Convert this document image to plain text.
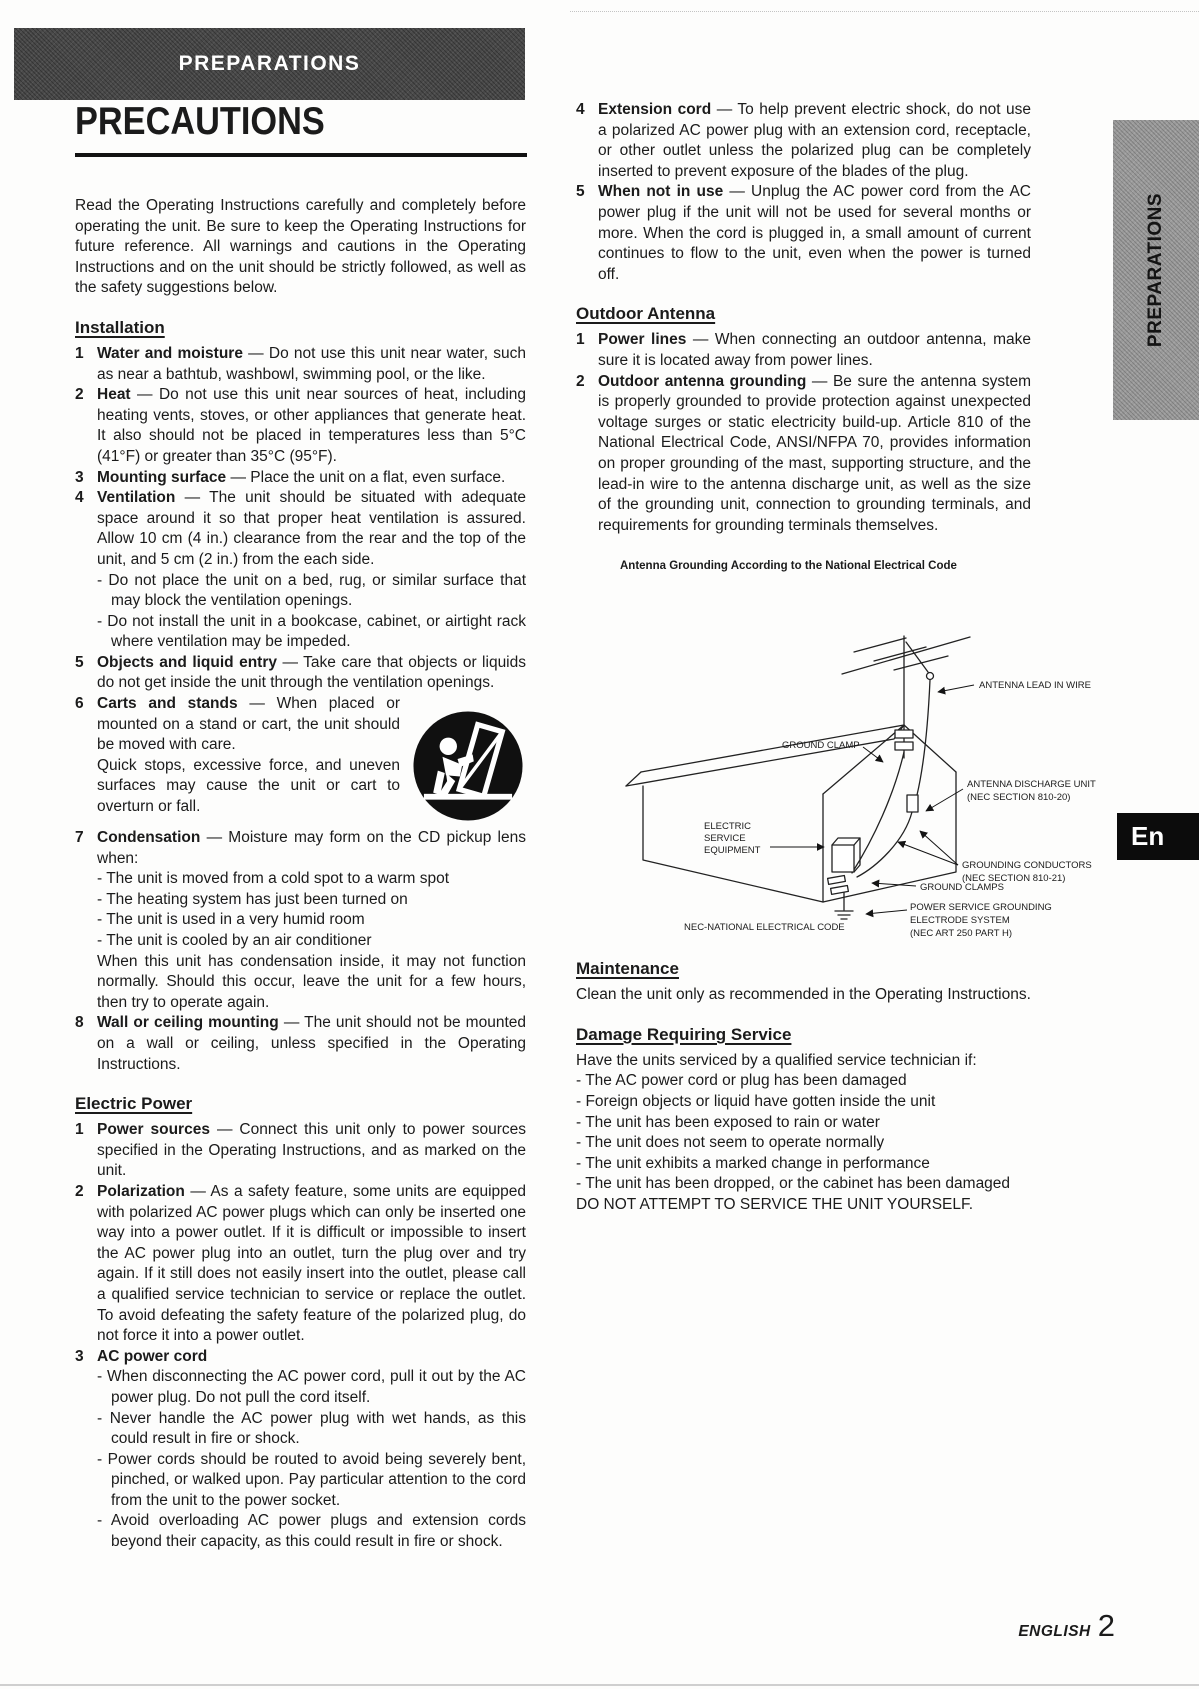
PREPARATIONS
PRECAUTIONS

Read the Operating Instructions carefully and completely before operating the unit. Be sure to keep the Operating Instructions for future reference. All warnings and cautions in the Operating Instructions and on the unit should be strictly followed, as well as the safety suggestions below.

Installation
1 Water and moisture — Do not use this unit near water, such as near a bathtub, washbowl, swimming pool, or the like.
2 Heat — Do not use this unit near sources of heat, including heating vents, stoves, or other appliances that generate heat. It also should not be placed in temperatures less than 5°C (41°F) or greater than 35°C (95°F).
3 Mounting surface — Place the unit on a flat, even surface.
4 Ventilation — The unit should be situated with adequate space around it so that proper heat ventilation is assured. Allow 10 cm (4 in.) clearance from the rear and the top of the unit, and 5 cm (2 in.) from the each side.
- Do not place the unit on a bed, rug, or similar surface that may block the ventilation openings.
- Do not install the unit in a bookcase, cabinet, or airtight rack where ventilation may be impeded.
5 Objects and liquid entry — Take care that objects or liquids do not get inside the unit through the ventilation openings.
6 Carts and stands — When placed or mounted on a stand or cart, the unit should be moved with care.
Quick stops, excessive force, and uneven surfaces may cause the unit or cart to overturn or fall.
7 Condensation — Moisture may form on the CD pickup lens when:
- The unit is moved from a cold spot to a warm spot
- The heating system has just been turned on
- The unit is used in a very humid room
- The unit is cooled by an air conditioner
When this unit has condensation inside, it may not function normally. Should this occur, leave the unit for a few hours, then try to operate again.
8 Wall or ceiling mounting — The unit should not be mounted on a wall or ceiling, unless specified in the Operating Instructions.
Electric Power
1 Power sources — Connect this unit only to power sources specified in the Operating Instructions, and as marked on the unit.
2 Polarization — As a safety feature, some units are equipped with polarized AC power plugs which can only be inserted one way into a power outlet. If it is difficult or impossible to insert the AC power plug into an outlet, turn the plug over and try again. If it still does not easily insert into the outlet, please call a qualified service technician to service or replace the outlet. To avoid defeating the safety feature of the polarized plug, do not force it into a power outlet.
3 AC power cord
- When disconnecting the AC power cord, pull it out by the AC power plug. Do not pull the cord itself.
- Never handle the AC power plug with wet hands, as this could result in fire or shock.
- Power cords should be routed to avoid being severely bent, pinched, or walked upon. Pay particular attention to the cord from the unit to the power socket.
- Avoid overloading AC power plugs and extension cords beyond their capacity, as this could result in fire or shock.
4 Extension cord — To help prevent electric shock, do not use a polarized AC power plug with an extension cord, receptacle, or other outlet unless the polarized plug can be completely inserted to prevent exposure of the blades of the plug.
5 When not in use — Unplug the AC power cord from the AC power plug if the unit will not be used for several months or more. When the cord is plugged in, a small amount of current continues to flow to the unit, even when the power is turned off.
Outdoor Antenna
1 Power lines — When connecting an outdoor antenna, make sure it is located away from power lines.
2 Outdoor antenna grounding — Be sure the antenna system is properly grounded to provide protection against unexpected voltage surges or static electricity build-up. Article 810 of the National Electrical Code, ANSI/NFPA 70, provides information on proper grounding of the mast, supporting structure, and the lead-in wire to the antenna discharge unit, as well as the size of the grounding unit, connection to grounding terminals, and requirements for grounding terminals themselves.
Antenna Grounding According to the National Electrical Code
ANTENNA LEAD IN WIRE
GROUND CLAMP
ANTENNA DISCHARGE UNIT
(NEC SECTION 810-20)
ELECTRIC
SERVICE
EQUIPMENT
GROUNDING CONDUCTORS
(NEC SECTION 810-21)
GROUND CLAMPS
POWER SERVICE GROUNDING
ELECTRODE SYSTEM
(NEC ART 250 PART H)
NEC-NATIONAL ELECTRICAL CODE
Maintenance

Clean the unit only as recommended in the Operating Instructions.

Damage Requiring Service
Have the units serviced by a qualified service technician if:
- The AC power cord or plug has been damaged
- Foreign objects or liquid have gotten inside the unit
- The unit has been exposed to rain or water
- The unit does not seem to operate normally
- The unit exhibits a marked change in performance
- The unit has been dropped, or the cabinet has been damaged
DO NOT ATTEMPT TO SERVICE THE UNIT YOURSELF.
PREPARATIONS
En
ENGLISH 2
